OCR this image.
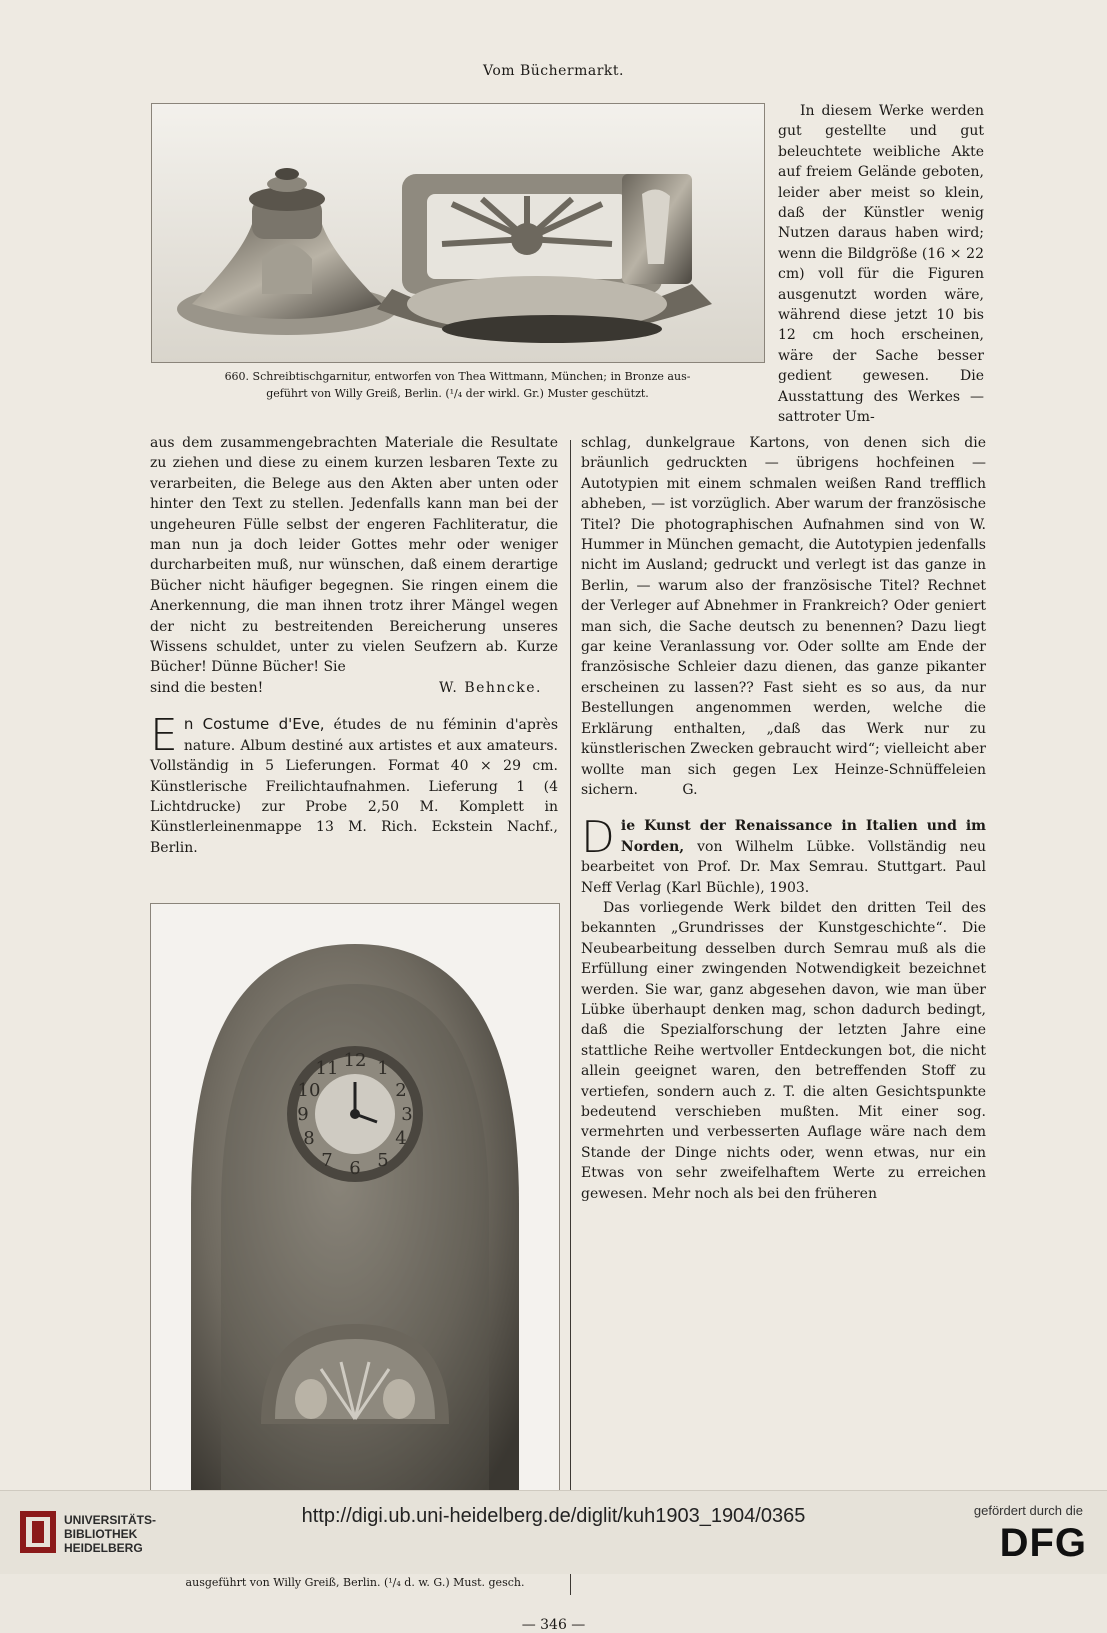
Vom Büchermarkt.
660. Schreibtischgarnitur, entworfen von Thea Wittmann, München; in Bronze aus-
geführt von Willy Greiß, Berlin. (¹/₄ der wirkl. Gr.) Muster geschützt.

In diesem Werke werden gut gestellte und gut beleuchtete weibliche Akte auf freiem Gelände geboten, leider aber meist so klein, daß der Künstler wenig Nutzen daraus haben wird; wenn die Bildgröße (16 × 22 cm) voll für die Figuren ausgenutzt worden wäre, während diese jetzt 10 bis 12 cm hoch erscheinen, wäre der Sache besser gedient gewesen. Die Ausstattung des Werkes — sattroter Um-

aus dem zusammengebrachten Materiale die Resultate zu ziehen und diese zu einem kurzen lesbaren Texte zu verarbeiten, die Belege aus den Akten aber unten oder hinter den Text zu stellen. Jedenfalls kann man bei der ungeheuren Fülle selbst der engeren Fachliteratur, die man nun ja doch leider Gottes mehr oder weniger durcharbeiten muß, nur wünschen, daß einem derartige Bücher nicht häufiger begegnen. Sie ringen einem die Anerkennung, die man ihnen trotz ihrer Mängel wegen der nicht zu bestreitenden Bereicherung unseres Wissens schuldet, unter zu vielen Seufzern ab. Kurze Bücher! Dünne Bücher! Sie

sind die besten!	W. Behncke.
E n Costume d'Eve, études de nu féminin d'après nature. Album destiné aux artistes et aux amateurs. Vollständig in 5 Lieferungen. Format 40 × 29 cm. Künstlerische Freilichtaufnahmen. Lieferung 1 (4 Lichtdrucke) zur Probe 2,50 M. Komplett in Künstlerleinenmappe 13 M. Rich. Eckstein Nachf., Berlin.
12 1
2
3
4
5
6
7
8
9
10
11
ausgeführt von Willy Greiß, Berlin. (¹/₄ d. w. G.) Must. gesch.

schlag, dunkelgraue Kartons, von denen sich die bräunlich gedruckten — übrigens hochfeinen — Autotypien mit einem schmalen weißen Rand trefflich abheben, — ist vorzüglich. Aber warum der französische Titel? Die photographischen Aufnahmen sind von W. Hummer in München gemacht, die Autotypien jedenfalls nicht im Ausland; gedruckt und verlegt ist das ganze in Berlin, — warum also der französische Titel? Rechnet der Verleger auf Abnehmer in Frankreich? Oder geniert man sich, die Sache deutsch zu benennen? Dazu liegt gar keine Veranlassung vor. Oder sollte am Ende der französische Schleier dazu dienen, das ganze pikanter erscheinen zu lassen?? Fast sieht es so aus, da nur Bestellungen angenommen werden, welche die Erklärung enthalten, „daß das Werk nur zu künstlerischen Zwecken gebraucht wird“; vielleicht aber wollte man sich gegen Lex Heinze-Schnüffeleien sichern.	G.

D ie Kunst der Renaissance in Italien und im Norden, von Wilhelm Lübke. Vollständig neu bearbeitet von Prof. Dr. Max Semrau. Stuttgart. Paul Neff Verlag (Karl Büchle), 1903.

Das vorliegende Werk bildet den dritten Teil des bekannten „Grundrisses der Kunstgeschichte“. Die Neubearbeitung desselben durch Semrau muß als die Erfüllung einer zwingenden Notwendigkeit bezeichnet werden. Sie war, ganz abgesehen davon, wie man über Lübke überhaupt denken mag, schon dadurch bedingt, daß die Spezialforschung der letzten Jahre eine stattliche Reihe wertvoller Entdeckungen bot, die nicht allein geeignet waren, den betreffenden Stoff zu vertiefen, sondern auch z. T. die alten Gesichtspunkte bedeutend verschieben mußten. Mit einer sog. vermehrten und verbesserten Auflage wäre nach dem Stande der Dinge nichts oder, wenn etwas, nur ein Etwas von sehr zweifelhaftem Werte zu erreichen gewesen. Mehr noch als bei den früheren

— 346 —
UNIVERSITÄTS-
BIBLIOTHEK
HEIDELBERG
http://digi.ub.uni-heidelberg.de/diglit/kuh1903_1904/0365	gefördert durch die
DFG
